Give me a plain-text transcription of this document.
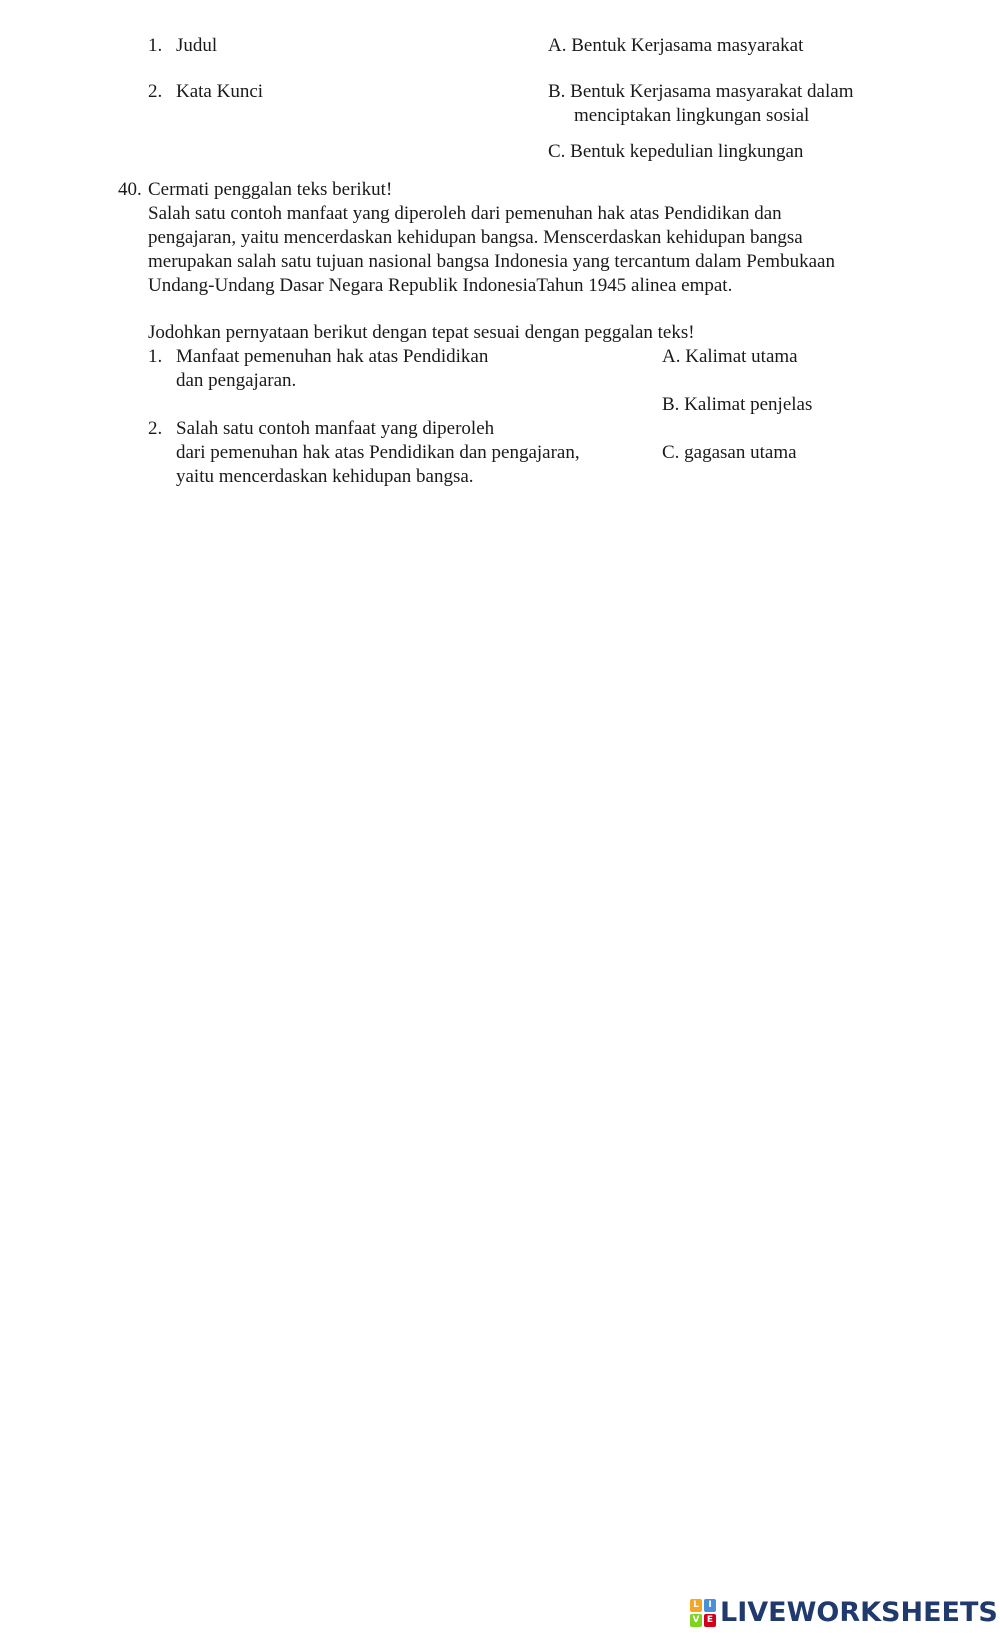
1. Judul
2. Kata Kunci
A. Bentuk Kerjasama masyarakat
B. Bentuk Kerjasama masyarakat dalam
menciptakan lingkungan sosial
C. Bentuk kepedulian lingkungan
40. Cermati penggalan teks berikut!
Salah satu contoh manfaat yang diperoleh dari pemenuhan hak atas Pendidikan dan
pengajaran, yaitu mencerdaskan kehidupan bangsa. Menscerdaskan kehidupan bangsa
merupakan salah satu tujuan nasional bangsa Indonesia yang tercantum dalam Pembukaan
Undang-Undang Dasar Negara Republik IndonesiaTahun 1945 alinea empat.
Jodohkan pernyataan berikut dengan tepat sesuai dengan peggalan teks!
1. Manfaat pemenuhan hak atas Pendidikan
dan pengajaran.
2. Salah satu contoh manfaat yang diperoleh
dari pemenuhan hak atas Pendidikan dan pengajaran,
yaitu mencerdaskan kehidupan bangsa.
A. Kalimat utama
B. Kalimat penjelas
C. gagasan utama
L	I
V E LIVEWORKSHEETS
